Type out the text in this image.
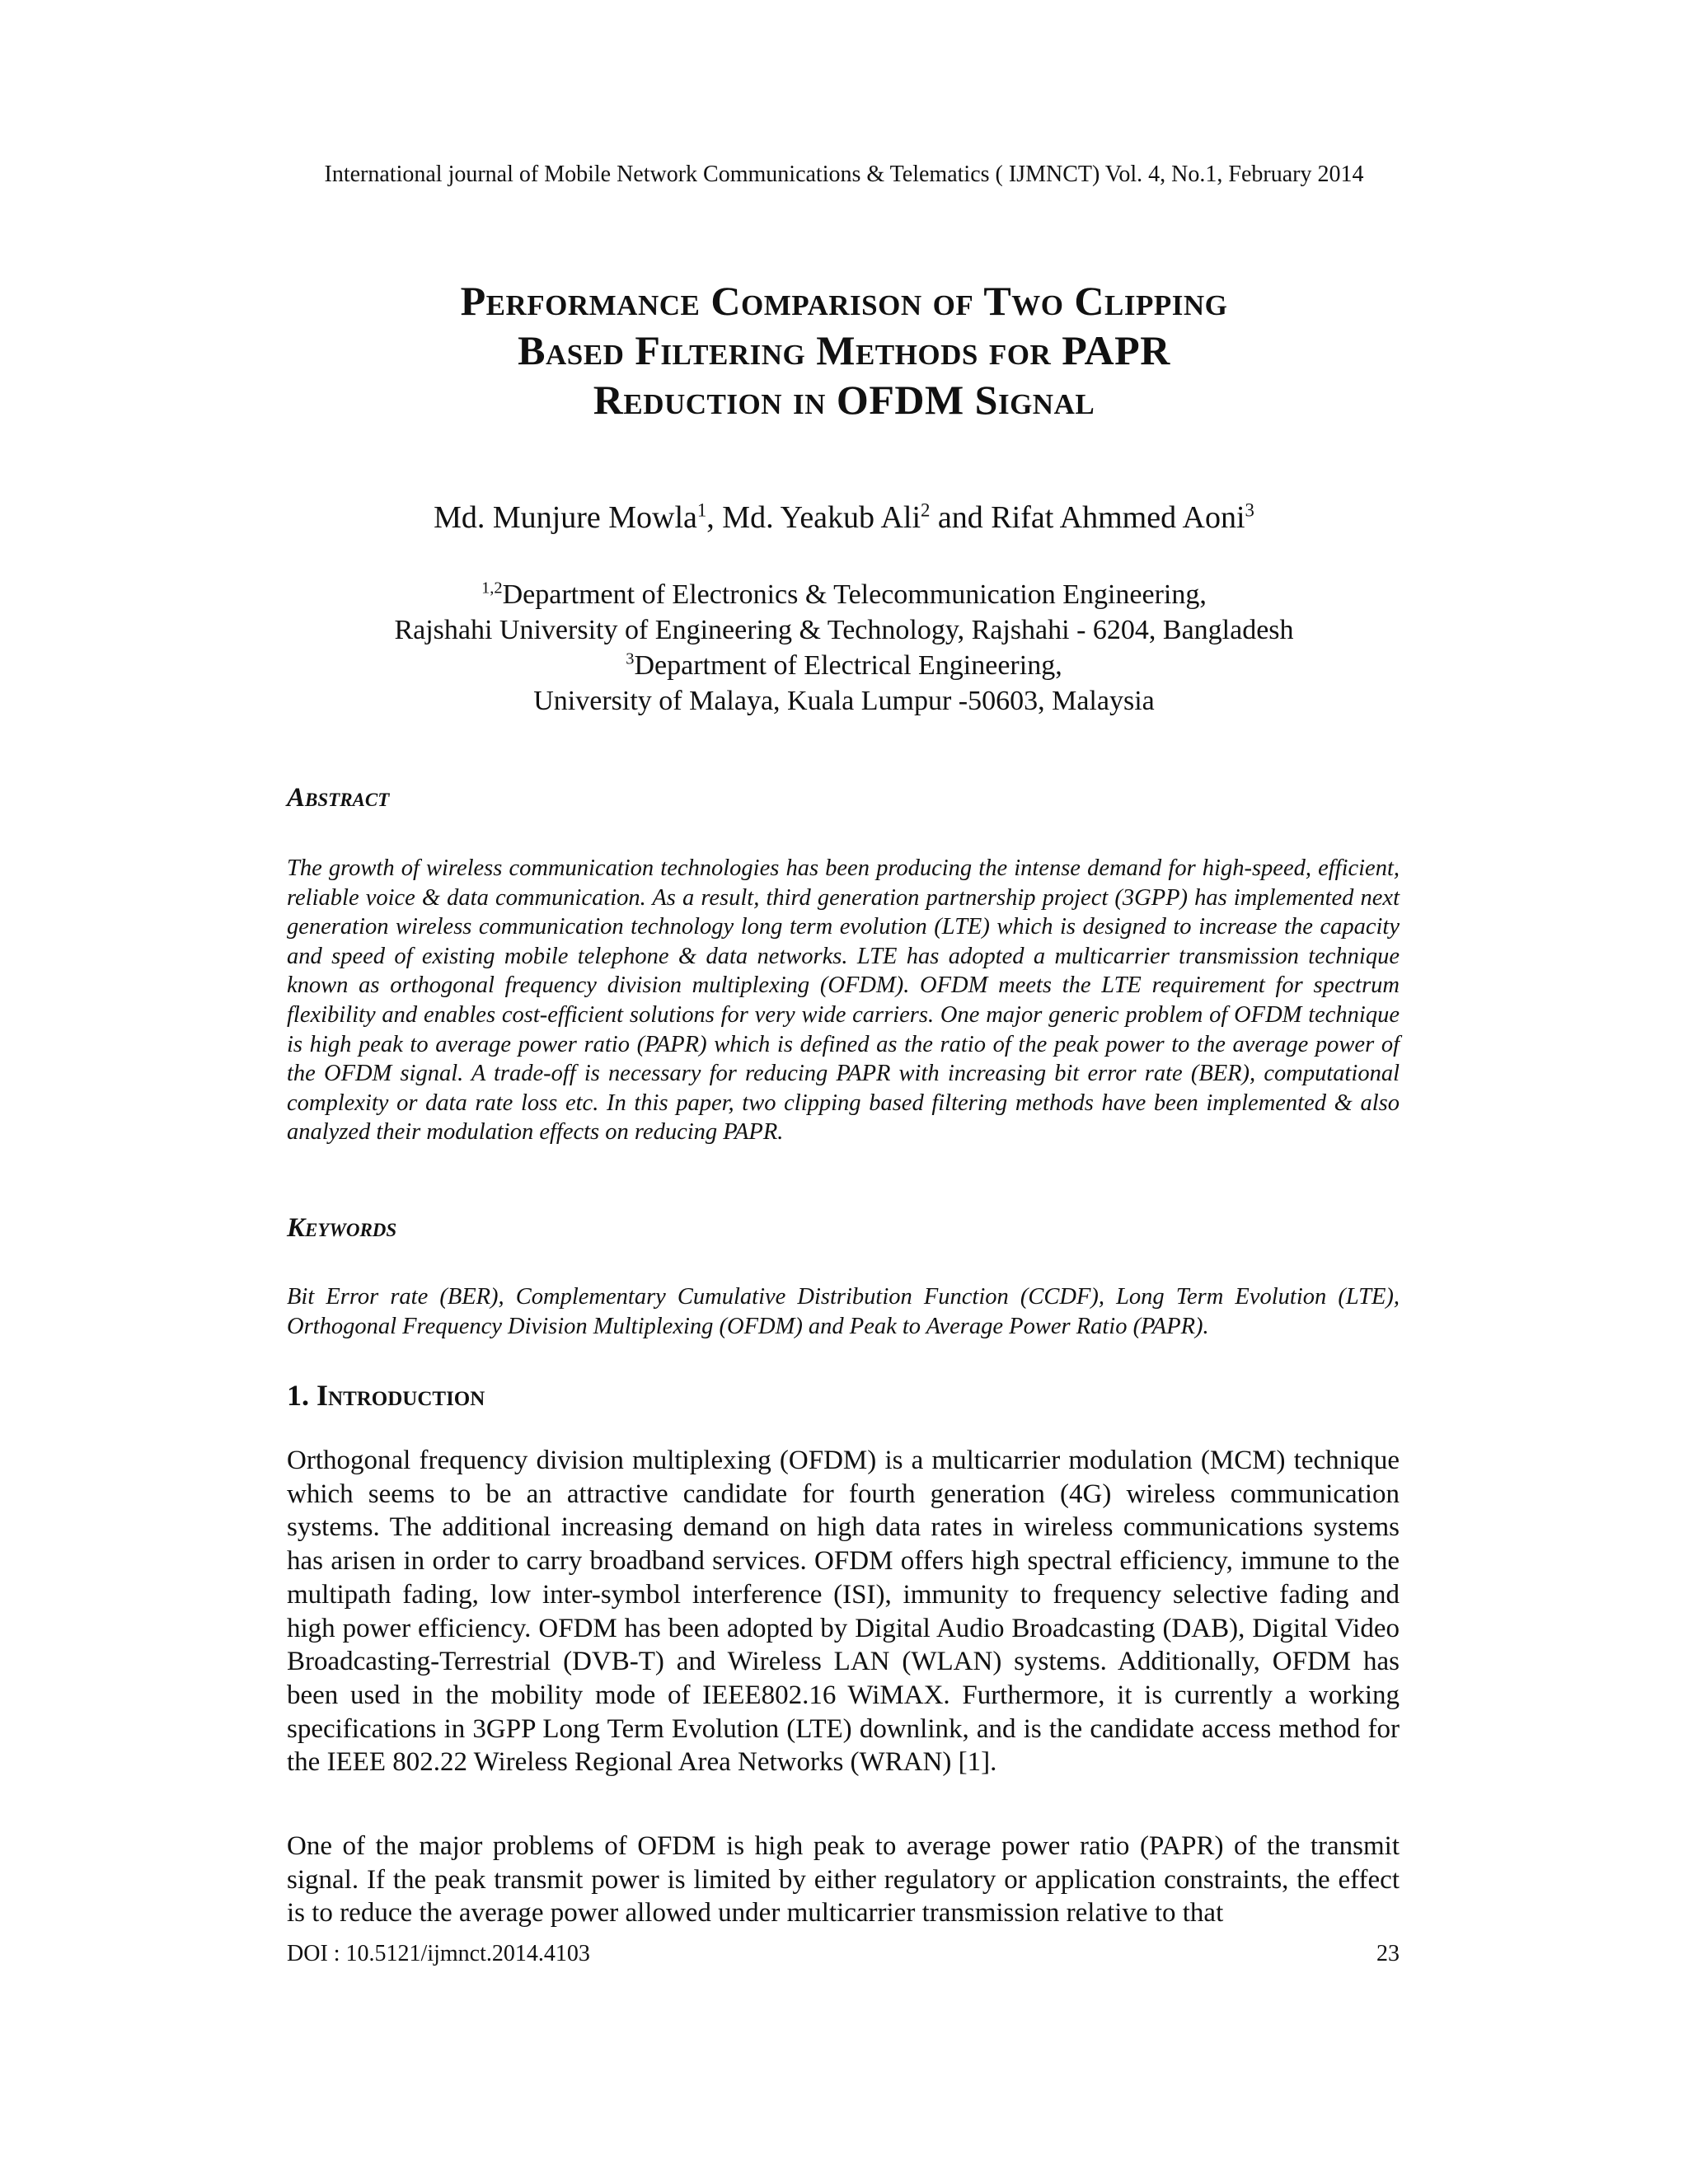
International journal of Mobile Network Communications & Telematics ( IJMNCT) Vol. 4, No.1, February 2014
Performance Comparison of Two Clipping
Based Filtering Methods for PAPR
Reduction in OFDM Signal
Md. Munjure Mowla$^1$, Md. Yeakub Ali$^2$ and Rifat Ahmmed Aoni$^3$
$^{1,2}$Department of Electronics & Telecommunication Engineering,
Rajshahi University of Engineering & Technology, Rajshahi - 6204, Bangladesh
$^3$Department of Electrical Engineering,
University of Malaya, Kuala Lumpur -50603, Malaysia
Abstract
The growth of wireless communication technologies has been producing the intense demand for high-speed, efficient, reliable voice & data communication. As a result, third generation partnership project (3GPP) has implemented next generation wireless communication technology long term evolution (LTE) which is designed to increase the capacity and speed of existing mobile telephone & data networks. LTE has adopted a multicarrier transmission technique known as orthogonal frequency division multiplexing (OFDM). OFDM meets the LTE requirement for spectrum flexibility and enables cost-efficient solutions for very wide carriers. One major generic problem of OFDM technique is high peak to average power ratio (PAPR) which is defined as the ratio of the peak power to the average power of the OFDM signal. A trade-off is necessary for reducing PAPR with increasing bit error rate (BER), computational complexity or data rate loss etc. In this paper, two clipping based filtering methods have been implemented & also analyzed their modulation effects on reducing PAPR.
Keywords
Bit Error rate (BER), Complementary Cumulative Distribution Function (CCDF), Long Term Evolution (LTE), Orthogonal Frequency Division Multiplexing (OFDM) and Peak to Average Power Ratio (PAPR).
1. Introduction
Orthogonal frequency division multiplexing (OFDM) is a multicarrier modulation (MCM) technique which seems to be an attractive candidate for fourth generation (4G) wireless communication systems. The additional increasing demand on high data rates in wireless communications systems has arisen in order to carry broadband services. OFDM offers high spectral efficiency, immune to the multipath fading, low inter-symbol interference (ISI), immunity to frequency selective fading and high power efficiency. OFDM has been adopted by Digital Audio Broadcasting (DAB), Digital Video Broadcasting-Terrestrial (DVB-T) and Wireless LAN (WLAN) systems. Additionally, OFDM has been used in the mobility mode of IEEE802.16 WiMAX. Furthermore, it is currently a working specifications in 3GPP Long Term Evolution (LTE) downlink, and is the candidate access method for the IEEE 802.22 Wireless Regional Area Networks (WRAN) [1].
One of the major problems of OFDM is high peak to average power ratio (PAPR) of the transmit signal. If the peak transmit power is limited by either regulatory or application constraints, the effect is to reduce the average power allowed under multicarrier transmission relative to that
DOI : 10.5121/ijmnct.2014.4103	23
